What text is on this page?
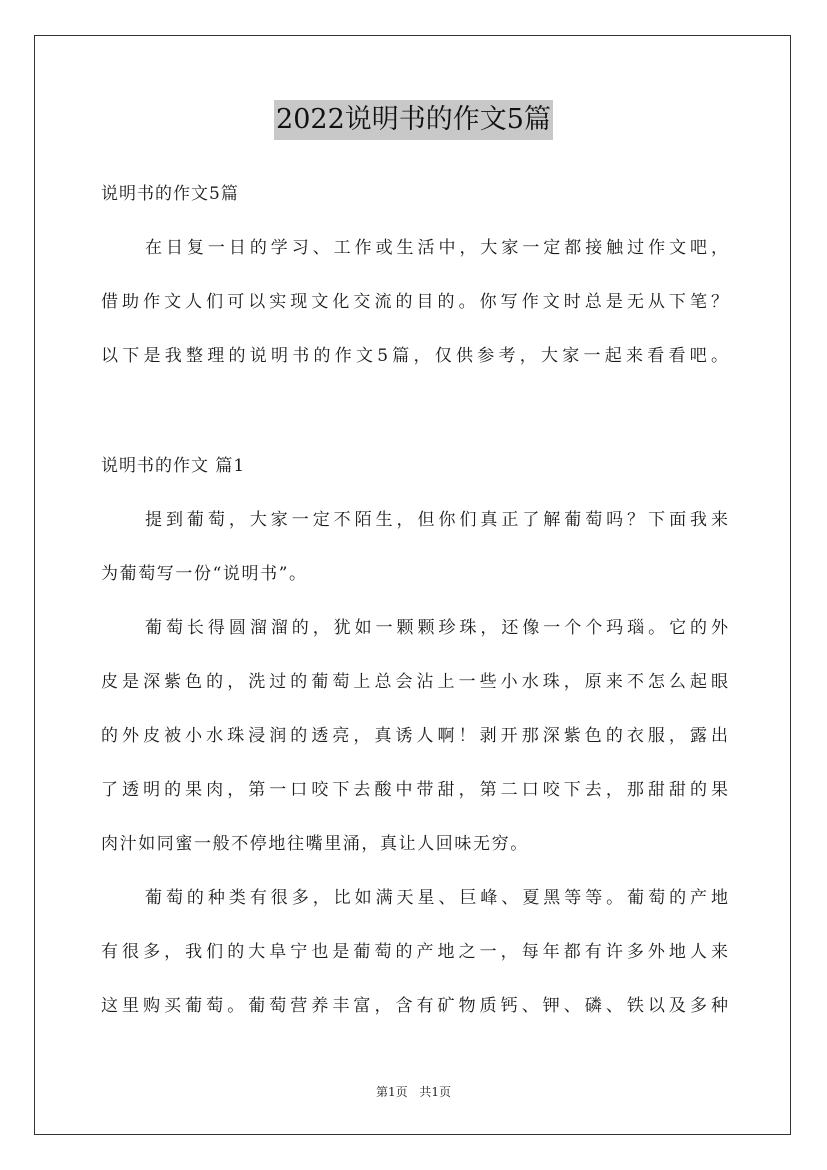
2022说明书的作文5篇
说明书的作文5篇
在日复一日的学习、工作或生活中，大家一定都接触过作文吧，
借助作文人们可以实现文化交流的目的。你写作文时总是无从下笔？
以下是我整理的说明书的作文5篇，仅供参考，大家一起来看看吧。
说明书的作文 篇1
提到葡萄，大家一定不陌生，但你们真正了解葡萄吗？下面我来
为葡萄写一份“说明书”。
葡萄长得圆溜溜的，犹如一颗颗珍珠，还像一个个玛瑙。它的外
皮是深紫色的，洗过的葡萄上总会沾上一些小水珠，原来不怎么起眼
的外皮被小水珠浸润的透亮，真诱人啊！剥开那深紫色的衣服，露出
了透明的果肉，第一口咬下去酸中带甜，第二口咬下去，那甜甜的果
肉汁如同蜜一般不停地往嘴里涌，真让人回味无穷。
葡萄的种类有很多，比如满天星、巨峰、夏黑等等。葡萄的产地
有很多，我们的大阜宁也是葡萄的产地之一，每年都有许多外地人来
这里购买葡萄。葡萄营养丰富，含有矿物质钙、钾、磷、铁以及多种
第1页 共1页
